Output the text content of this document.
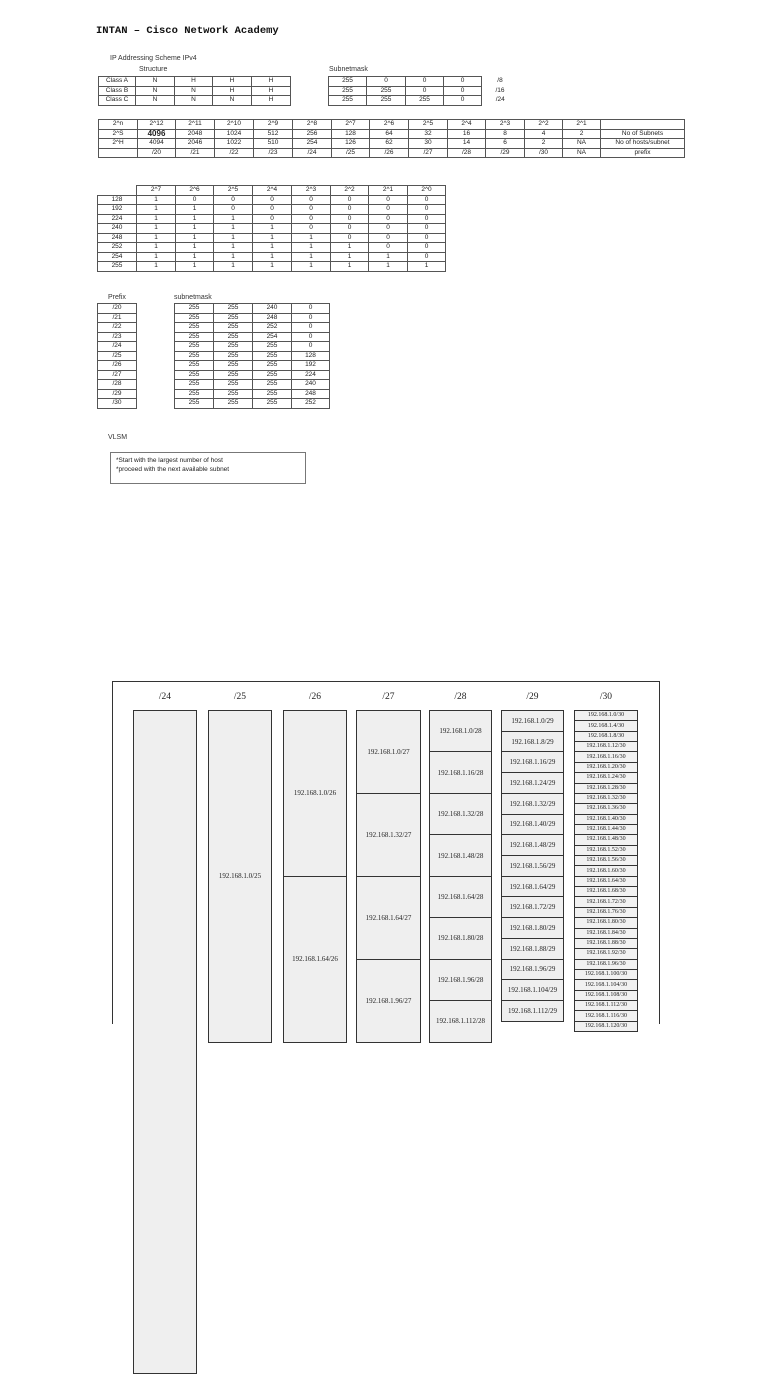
INTAN – Cisco Network Academy
IP Addressing Scheme IPv4
Structure	Subnetmask
Class A	N	H	H	H		255	0	0	0	/8
Class B	N	N	H	H		255	255	0	0	/16
Class C	N	N	N	H		255	255	255	0	/24
2^n	2^12	2^11	2^10	2^9	2^8	2^7	2^6	2^5	2^4	2^3	2^2	2^1	
2^S	4096	2048	1024	512	256	128	64	32	16	8	4	2	No of Subnets
2^H	4094	2046	1022	510	254	126	62	30	14	6	2	NA	No of hosts/subnet
	/20	/21	/22	/23	/24	/25	/26	/27	/28	/29	/30	NA	prefix
	2^7	2^6	2^5	2^4	2^3	2^2	2^1	2^0
128	1	0	0	0	0	0	0	0
192	1	1	0	0	0	0	0	0
224	1	1	1	0	0	0	0	0
240	1	1	1	1	0	0	0	0
248	1	1	1	1	1	0	0	0
252	1	1	1	1	1	1	0	0
254	1	1	1	1	1	1	1	0
255	1	1	1	1	1	1	1	1
Prefix	subnetmask
/20		255	255	240	0
/21		255	255	248	0
/22		255	255	252	0
/23		255	255	254	0
/24		255	255	255	0
/25		255	255	255	128
/26		255	255	255	192
/27		255	255	255	224
/28		255	255	255	240
/29		255	255	255	248
/30		255	255	255	252
VLSM
*Start with the largest number of host
*proceed with the next available subnet
/24	/25	/26	/27	/28	/29	/30
192.168.1.0/25
192.168.1.0/26
192.168.1.64/26
192.168.1.0/27
192.168.1.32/27
192.168.1.64/27
192.168.1.96/27
192.168.1.0/28
192.168.1.16/28
192.168.1.32/28
192.168.1.48/28
192.168.1.64/28
192.168.1.80/28
192.168.1.96/28
192.168.1.112/28
192.168.1.0/29
192.168.1.8/29
192.168.1.16/29
192.168.1.24/29
192.168.1.32/29
192.168.1.40/29
192.168.1.48/29
192.168.1.56/29
192.168.1.64/29
192.168.1.72/29
192.168.1.80/29
192.168.1.88/29
192.168.1.96/29
192.168.1.104/29
192.168.1.112/29
192.168.1.0/30
192.168.1.4/30
192.168.1.8/30
192.168.1.12/30
192.168.1.16/30
192.168.1.20/30
192.168.1.24/30
192.168.1.28/30
192.168.1.32/30
192.168.1.36/30
192.168.1.40/30
192.168.1.44/30
192.168.1.48/30
192.168.1.52/30
192.168.1.56/30
192.168.1.60/30
192.168.1.64/30
192.168.1.68/30
192.168.1.72/30
192.168.1.76/30
192.168.1.80/30
192.168.1.84/30
192.168.1.88/30
192.168.1.92/30
192.168.1.96/30
192.168.1.100/30
192.168.1.104/30
192.168.1.108/30
192.168.1.112/30
192.168.1.116/30
192.168.1.120/30
